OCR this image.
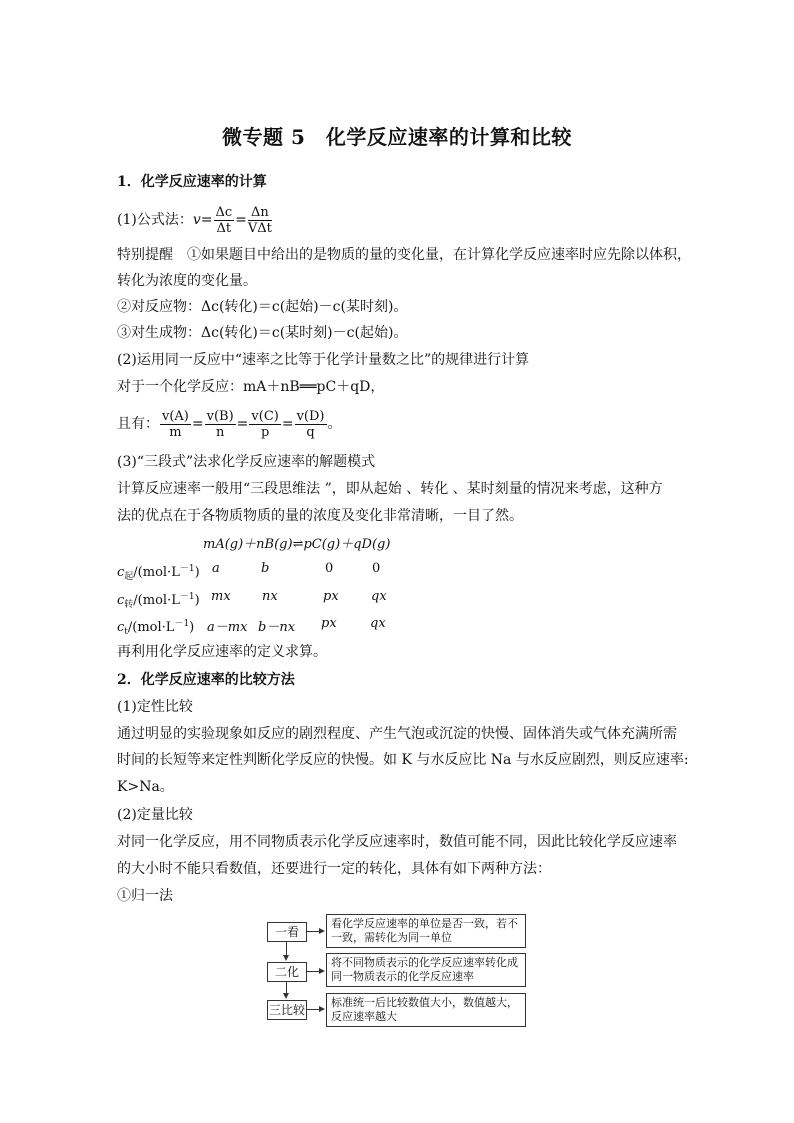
微专题 5　化学反应速率的计算和比较
1．化学反应速率的计算
(1)公式法： $v = \frac{\Delta c}{\Delta t} = \frac{\Delta n}{\text{VΔt}}$
特别提醒　①如果题目中给出的是物质的量的变化量，在计算化学反应速率时应先除以体积，
转化为浓度的变化量。
②对反应物：Δc(转化)＝c(起始)－c(某时刻)。
③对生成物：Δc(转化)＝c(某时刻)－c(起始)。
(2)运用同一反应中“速率之比等于化学计量数之比”的规律进行计算
对于一个化学反应：mA＋nB══pC＋qD，
且有： $\frac{v(A)}{m} = \frac{v(B)}{n} = \frac{v(C)}{p} = \frac{v(D)}{q}$ 。
(3)“三段式”法求化学反应速率的解题模式
计算反应速率一般用“三段思维法 ”，即从起始 、转化 、某时刻量的情况来考虑，这种方
法的优点在于各物质物质的量的浓度及变化非常清晰，一目了然。
mA(g)＋nB(g)⇌pC(g)＋qD(g)
$c_起/(mol\cdot L^{-1})$ a	b	0	0
$c_转/(mol\cdot L^{-1})$ mx nx	px qx
$c_t/(mol\cdot L^{-1})$ a－mx b－nx px	qx
再利用化学反应速率的定义求算。
2．化学反应速率的比较方法
(1)定性比较
通过明显的实验现象如反应的剧烈程度、产生气泡或沉淀的快慢、固体消失或气体充满所需
时间的长短等来定性判断化学反应的快慢。如 K 与水反应比 Na 与水反应剧烈，则反应速率:
K>Na。
(2)定量比较
对同一化学反应，用不同物质表示化学反应速率时，数值可能不同，因此比较化学反应速率
的大小时不能只看数值，还要进行一定的转化，具体有如下两种方法：
①归一法
一看
二化
三比较
看化学反应速率的单位是否一致，若不一致，需转化为同一单位
将不同物质表示的化学反应速率转化成同一物质表示的化学反应速率
标准统一后比较数值大小，数值越大，反应速率越大
